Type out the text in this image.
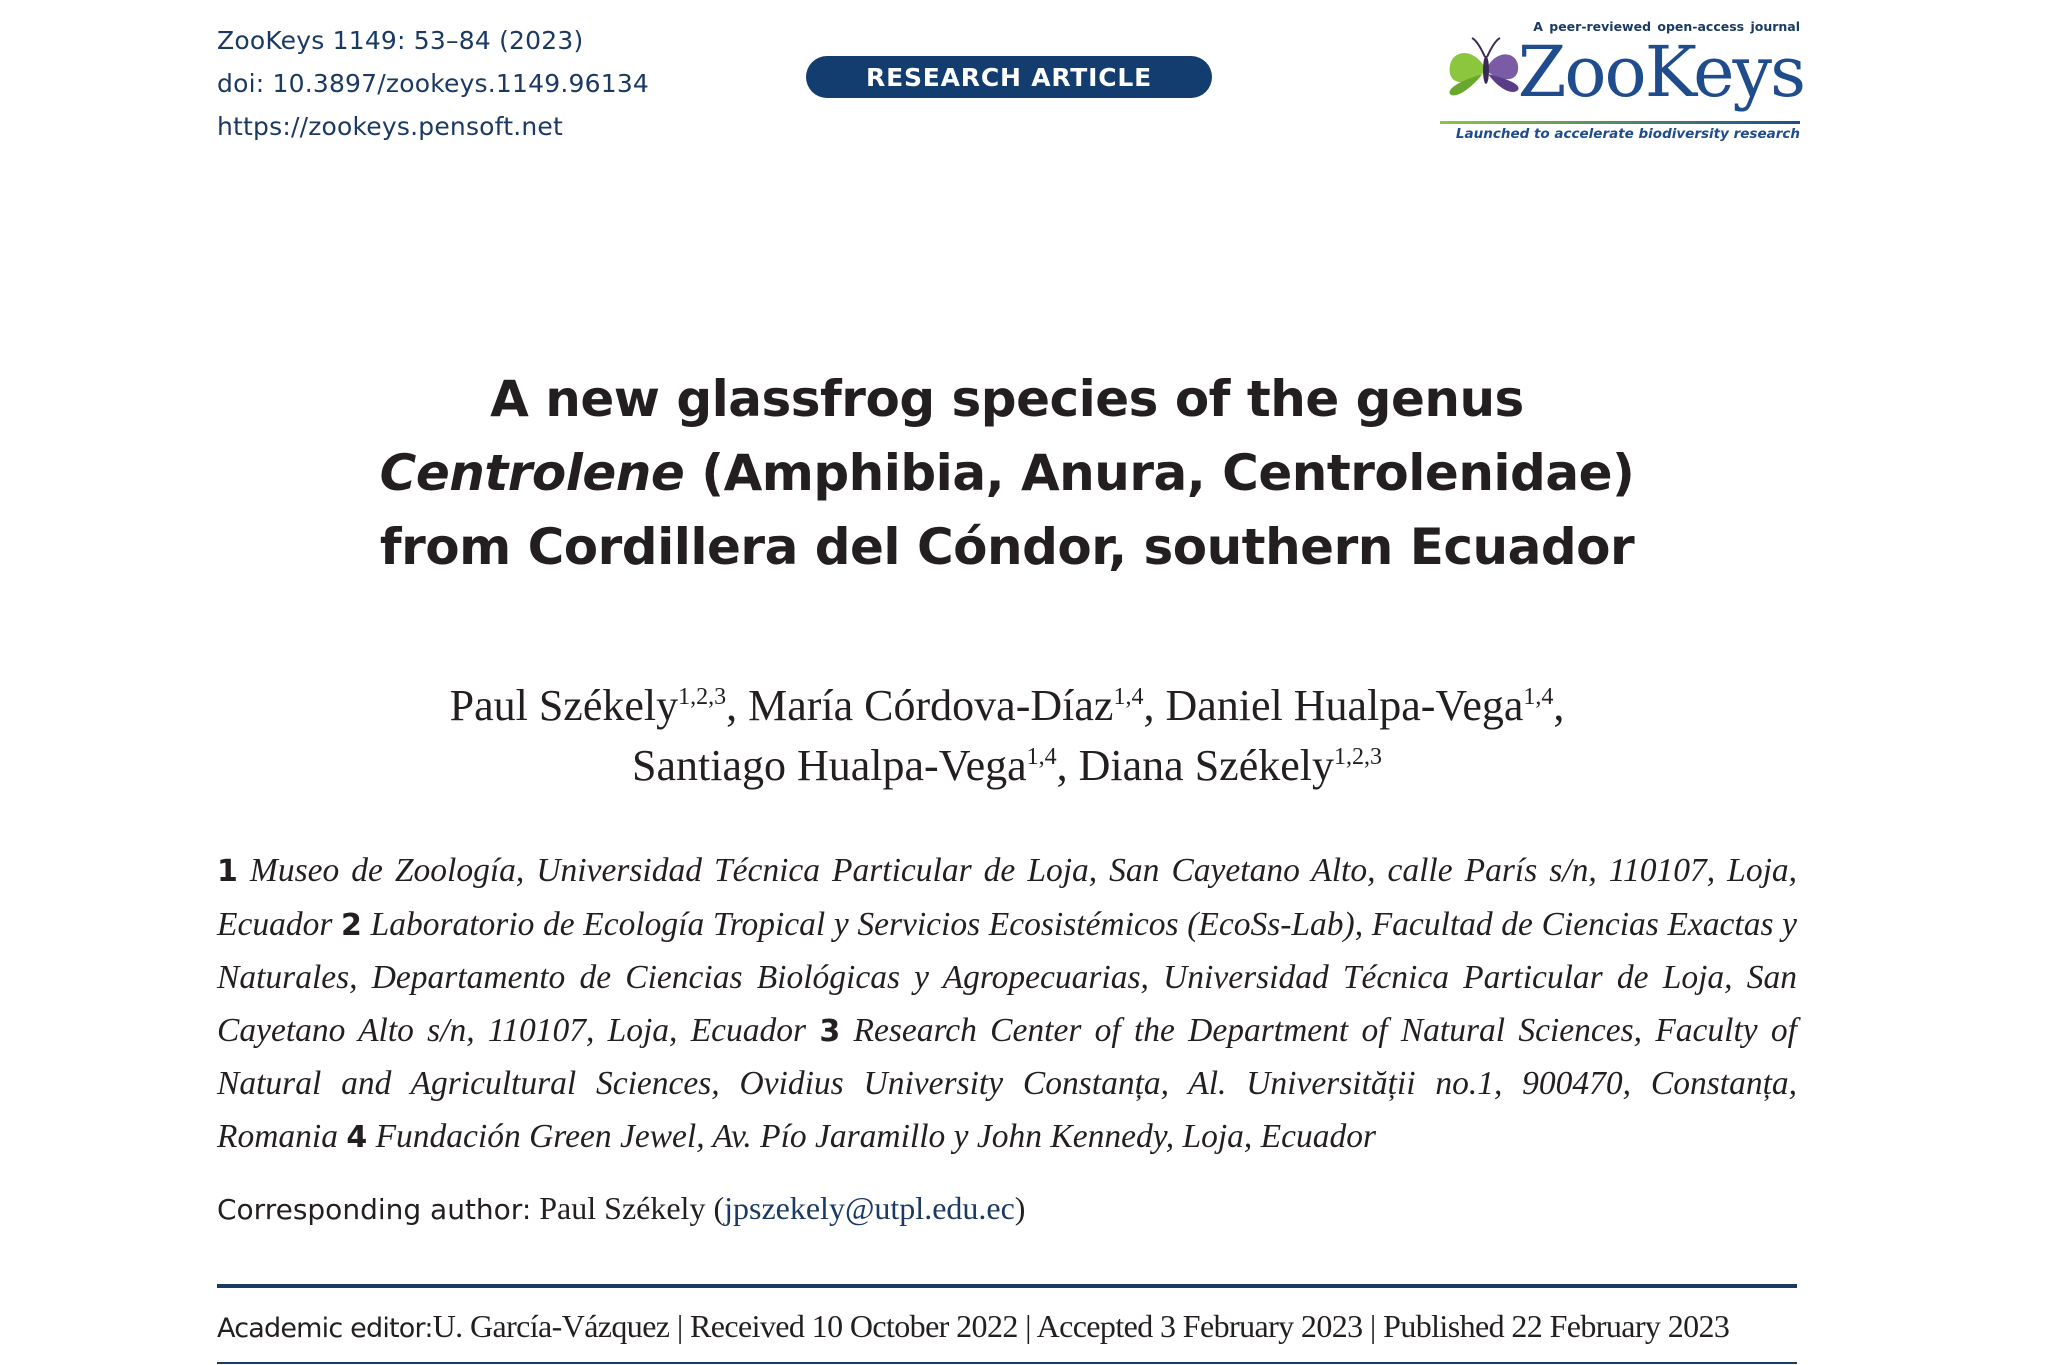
ZooKeys 1149: 53–84 (2023)
doi: 10.3897/zookeys.1149.96134
https://zookeys.pensoft.net
RESEARCH ARTICLE
A peer-reviewed open-access journal
ZooKeys
Launched to accelerate biodiversity research
A new glassfrog species of the genus
Centrolene (Amphibia, Anura, Centrolenidae)
from Cordillera del Cóndor, southern Ecuador
Paul Székely$^{1,2,3}$, María Córdova-Díaz$^{1,4}$, Daniel Hualpa-Vega$^{1,4}$,
Santiago Hualpa-Vega$^{1,4}$, Diana Székely$^{1,2,3}$
1 Museo de Zoología, Universidad Técnica Particular de Loja, San Cayetano Alto, calle París s/n, 110107, Loja, Ecuador 2 Laboratorio de Ecología Tropical y Servicios Ecosistémicos (EcoSs-Lab), Facultad de Ciencias Exactas y Naturales, Departamento de Ciencias Biológicas y Agropecuarias, Universidad Técnica Particular de Loja, San Cayetano Alto s/n, 110107, Loja, Ecuador 3 Research Center of the Department of Natural Sciences, Faculty of Natural and Agricultural Sciences, Ovidius University Constanța, Al. Universității no.1, 900470, Constanța, Romania 4 Fundación Green Jewel, Av. Pío Jaramillo y John Kennedy, Loja, Ecuador
Corresponding author: Paul Székely (jpszekely@utpl.edu.ec)
Academic editor:U. García-Vázquez | Received 10 October 2022 | Accepted 3 February 2023 | Published 22 February 2023
